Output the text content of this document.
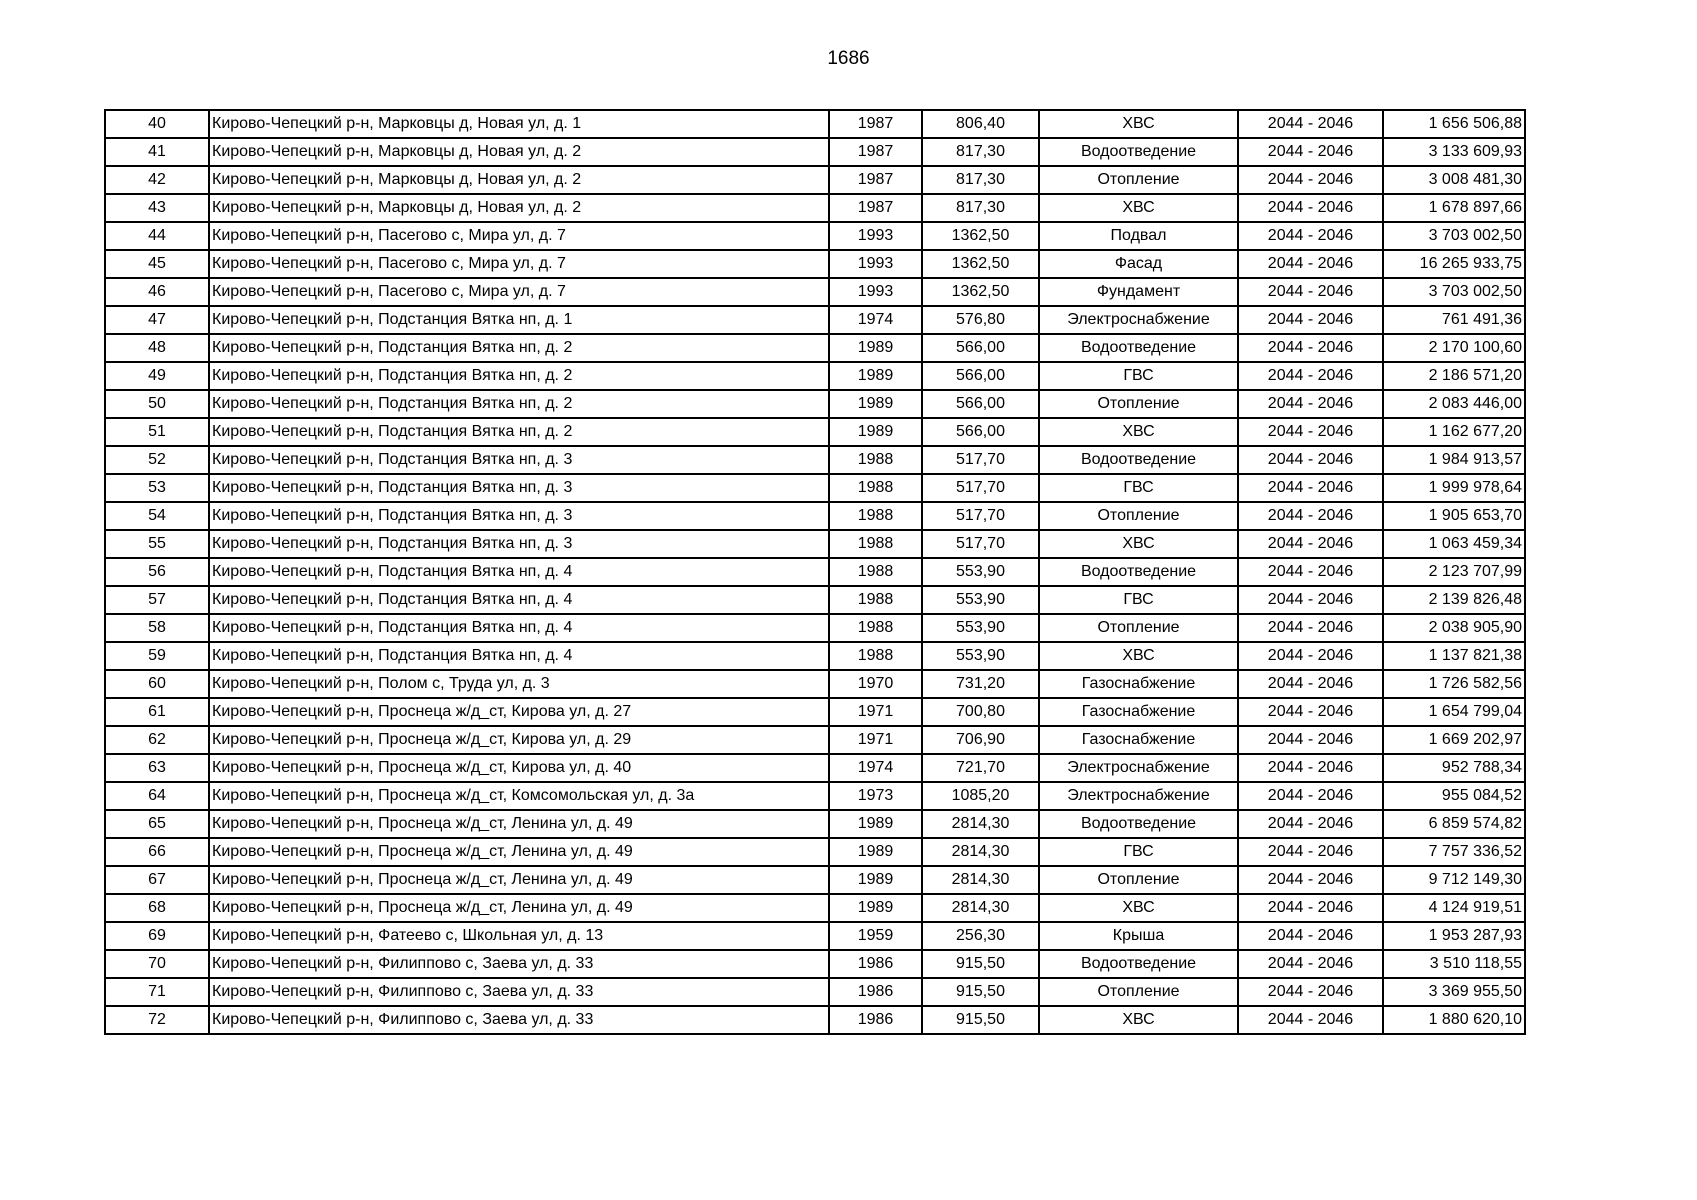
1686
40	Кирово-Чепецкий р-н, Марковцы д, Новая ул, д. 1	1987	806,40	ХВС	2044 - 2046	1 656 506,88
41	Кирово-Чепецкий р-н, Марковцы д, Новая ул, д. 2	1987	817,30	Водоотведение	2044 - 2046	3 133 609,93
42	Кирово-Чепецкий р-н, Марковцы д, Новая ул, д. 2	1987	817,30	Отопление	2044 - 2046	3 008 481,30
43	Кирово-Чепецкий р-н, Марковцы д, Новая ул, д. 2	1987	817,30	ХВС	2044 - 2046	1 678 897,66
44	Кирово-Чепецкий р-н, Пасегово с, Мира ул, д. 7	1993	1362,50	Подвал	2044 - 2046	3 703 002,50
45	Кирово-Чепецкий р-н, Пасегово с, Мира ул, д. 7	1993	1362,50	Фасад	2044 - 2046	16 265 933,75
46	Кирово-Чепецкий р-н, Пасегово с, Мира ул, д. 7	1993	1362,50	Фундамент	2044 - 2046	3 703 002,50
47	Кирово-Чепецкий р-н, Подстанция Вятка нп, д. 1	1974	576,80	Электроснабжение	2044 - 2046	761 491,36
48	Кирово-Чепецкий р-н, Подстанция Вятка нп, д. 2	1989	566,00	Водоотведение	2044 - 2046	2 170 100,60
49	Кирово-Чепецкий р-н, Подстанция Вятка нп, д. 2	1989	566,00	ГВС	2044 - 2046	2 186 571,20
50	Кирово-Чепецкий р-н, Подстанция Вятка нп, д. 2	1989	566,00	Отопление	2044 - 2046	2 083 446,00
51	Кирово-Чепецкий р-н, Подстанция Вятка нп, д. 2	1989	566,00	ХВС	2044 - 2046	1 162 677,20
52	Кирово-Чепецкий р-н, Подстанция Вятка нп, д. 3	1988	517,70	Водоотведение	2044 - 2046	1 984 913,57
53	Кирово-Чепецкий р-н, Подстанция Вятка нп, д. 3	1988	517,70	ГВС	2044 - 2046	1 999 978,64
54	Кирово-Чепецкий р-н, Подстанция Вятка нп, д. 3	1988	517,70	Отопление	2044 - 2046	1 905 653,70
55	Кирово-Чепецкий р-н, Подстанция Вятка нп, д. 3	1988	517,70	ХВС	2044 - 2046	1 063 459,34
56	Кирово-Чепецкий р-н, Подстанция Вятка нп, д. 4	1988	553,90	Водоотведение	2044 - 2046	2 123 707,99
57	Кирово-Чепецкий р-н, Подстанция Вятка нп, д. 4	1988	553,90	ГВС	2044 - 2046	2 139 826,48
58	Кирово-Чепецкий р-н, Подстанция Вятка нп, д. 4	1988	553,90	Отопление	2044 - 2046	2 038 905,90
59	Кирово-Чепецкий р-н, Подстанция Вятка нп, д. 4	1988	553,90	ХВС	2044 - 2046	1 137 821,38
60	Кирово-Чепецкий р-н, Полом с, Труда ул, д. 3	1970	731,20	Газоснабжение	2044 - 2046	1 726 582,56
61	Кирово-Чепецкий р-н, Проснеца ж/д_ст, Кирова ул, д. 27	1971	700,80	Газоснабжение	2044 - 2046	1 654 799,04
62	Кирово-Чепецкий р-н, Проснеца ж/д_ст, Кирова ул, д. 29	1971	706,90	Газоснабжение	2044 - 2046	1 669 202,97
63	Кирово-Чепецкий р-н, Проснеца ж/д_ст, Кирова ул, д. 40	1974	721,70	Электроснабжение	2044 - 2046	952 788,34
64	Кирово-Чепецкий р-н, Проснеца ж/д_ст, Комсомольская ул, д. 3а	1973	1085,20	Электроснабжение	2044 - 2046	955 084,52
65	Кирово-Чепецкий р-н, Проснеца ж/д_ст, Ленина ул, д. 49	1989	2814,30	Водоотведение	2044 - 2046	6 859 574,82
66	Кирово-Чепецкий р-н, Проснеца ж/д_ст, Ленина ул, д. 49	1989	2814,30	ГВС	2044 - 2046	7 757 336,52
67	Кирово-Чепецкий р-н, Проснеца ж/д_ст, Ленина ул, д. 49	1989	2814,30	Отопление	2044 - 2046	9 712 149,30
68	Кирово-Чепецкий р-н, Проснеца ж/д_ст, Ленина ул, д. 49	1989	2814,30	ХВС	2044 - 2046	4 124 919,51
69	Кирово-Чепецкий р-н, Фатеево с, Школьная ул, д. 13	1959	256,30	Крыша	2044 - 2046	1 953 287,93
70	Кирово-Чепецкий р-н, Филиппово с, Заева ул, д. 33	1986	915,50	Водоотведение	2044 - 2046	3 510 118,55
71	Кирово-Чепецкий р-н, Филиппово с, Заева ул, д. 33	1986	915,50	Отопление	2044 - 2046	3 369 955,50
72	Кирово-Чепецкий р-н, Филиппово с, Заева ул, д. 33	1986	915,50	ХВС	2044 - 2046	1 880 620,10
